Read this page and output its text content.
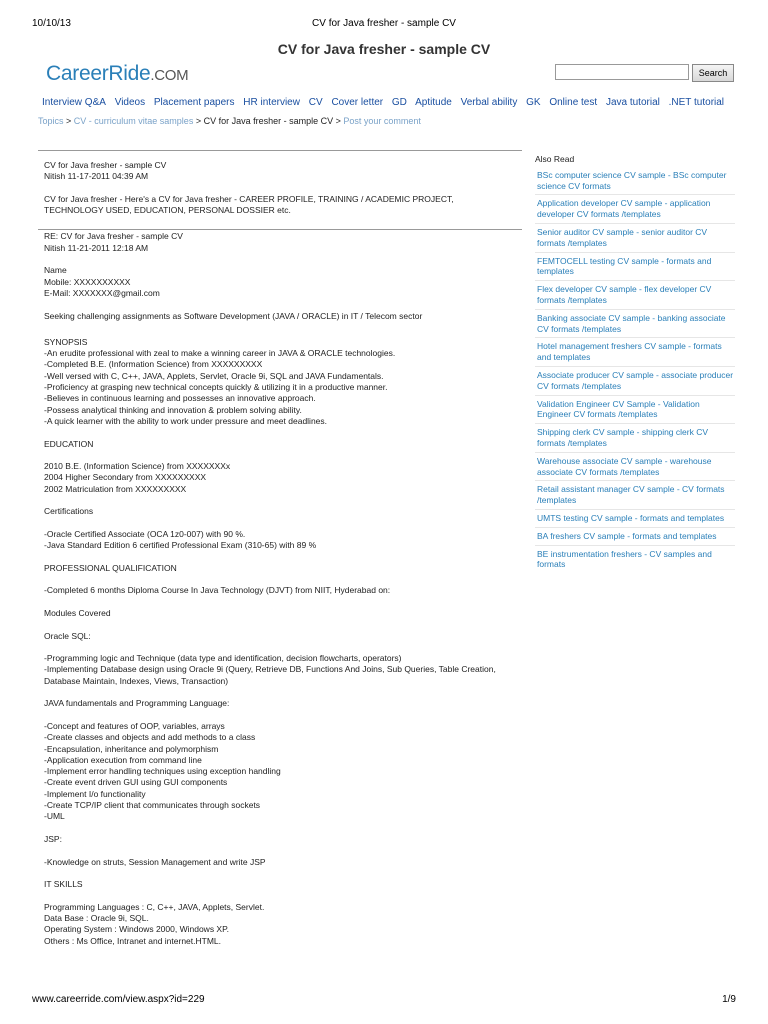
10/10/13	CV for Java fresher - sample CV
CV for Java fresher - sample CV
CareerRide.COM	Search
Interview Q&A Videos Placement papers HR interview CV Cover letter GD Aptitude Verbal ability GK Online test Java tutorial .NET tutorial
Topics > CV - curriculum vitae samples > CV for Java fresher - sample CV > Post your comment

CV for Java fresher - sample CV

Nitish 11-17-2011 04:39 AM

CV for Java fresher - Here's a CV for Java fresher - CAREER PROFILE, TRAINING / ACADEMIC PROJECT, TECHNOLOGY USED, EDUCATION, PERSONAL DOSSIER etc.

RE: CV for Java fresher - sample CV

Nitish 11-21-2011 12:18 AM

Name
Mobile: XXXXXXXXXX
E-Mail: XXXXXXX@gmail.com

Seeking challenging assignments as Software Development (JAVA / ORACLE) in IT / Telecom sector

SYNOPSIS
-An erudite professional with zeal to make a winning career in JAVA & ORACLE technologies.
-Completed B.E. (Information Science) from XXXXXXXXX
-Well versed with C, C++, JAVA, Applets, Servlet, Oracle 9i, SQL and JAVA Fundamentals.
-Proficiency at grasping new technical concepts quickly & utilizing it in a productive manner.
-Believes in continuous learning and possesses an innovative approach.
-Possess analytical thinking and innovation & problem solving ability.
-A quick learner with the ability to work under pressure and meet deadlines.

EDUCATION

2010 B.E. (Information Science) from XXXXXXXx
2004 Higher Secondary from XXXXXXXXX
2002 Matriculation from XXXXXXXXX

Certifications

-Oracle Certified Associate (OCA 1z0-007) with 90 %.
-Java Standard Edition 6 certified Professional Exam (310-65) with 89 %

PROFESSIONAL QUALIFICATION

-Completed 6 months Diploma Course In Java Technology (DJVT) from NIIT, Hyderabad on:

Modules Covered

Oracle SQL:

-Programming logic and Technique (data type and identification, decision flowcharts, operators)
-Implementing Database design using Oracle 9i (Query, Retrieve DB, Functions And Joins, Sub Queries, Table Creation, Database Maintain, Indexes, Views, Transaction)

JAVA fundamentals and Programming Language:

-Concept and features of OOP, variables, arrays
-Create classes and objects and add methods to a class
-Encapsulation, inheritance and polymorphism
-Application execution from command line
-Implement error handling techniques using exception handling
-Create event driven GUI using GUI components
-Implement I/o functionality
-Create TCP/IP client that communicates through sockets
-UML

JSP:

-Knowledge on struts, Session Management and write JSP

IT SKILLS

Programming Languages : C, C++, JAVA, Applets, Servlet.
Data Base : Oracle 9i, SQL.
Operating System : Windows 2000, Windows XP.
Others : Ms Office, Intranet and internet.HTML.

Also Read
BSc computer science CV sample - BSc computer science CV formats
Application developer CV sample - application developer CV formats /templates
Senior auditor CV sample - senior auditor CV formats /templates
FEMTOCELL testing CV sample - formats and templates
Flex developer CV sample - flex developer CV formats /templates
Banking associate CV sample - banking associate CV formats /templates
Hotel management freshers CV sample - formats and templates
Associate producer CV sample - associate producer CV formats /templates
Validation Engineer CV Sample - Validation Engineer CV formats /templates
Shipping clerk CV sample - shipping clerk CV formats /templates
Warehouse associate CV sample - warehouse associate CV formats /templates
Retail assistant manager CV sample - CV formats /templates
UMTS testing CV sample - formats and templates
BA freshers CV sample - formats and templates
BE instrumentation freshers - CV samples and formats
www.careerride.com/view.aspx?id=229	1/9
